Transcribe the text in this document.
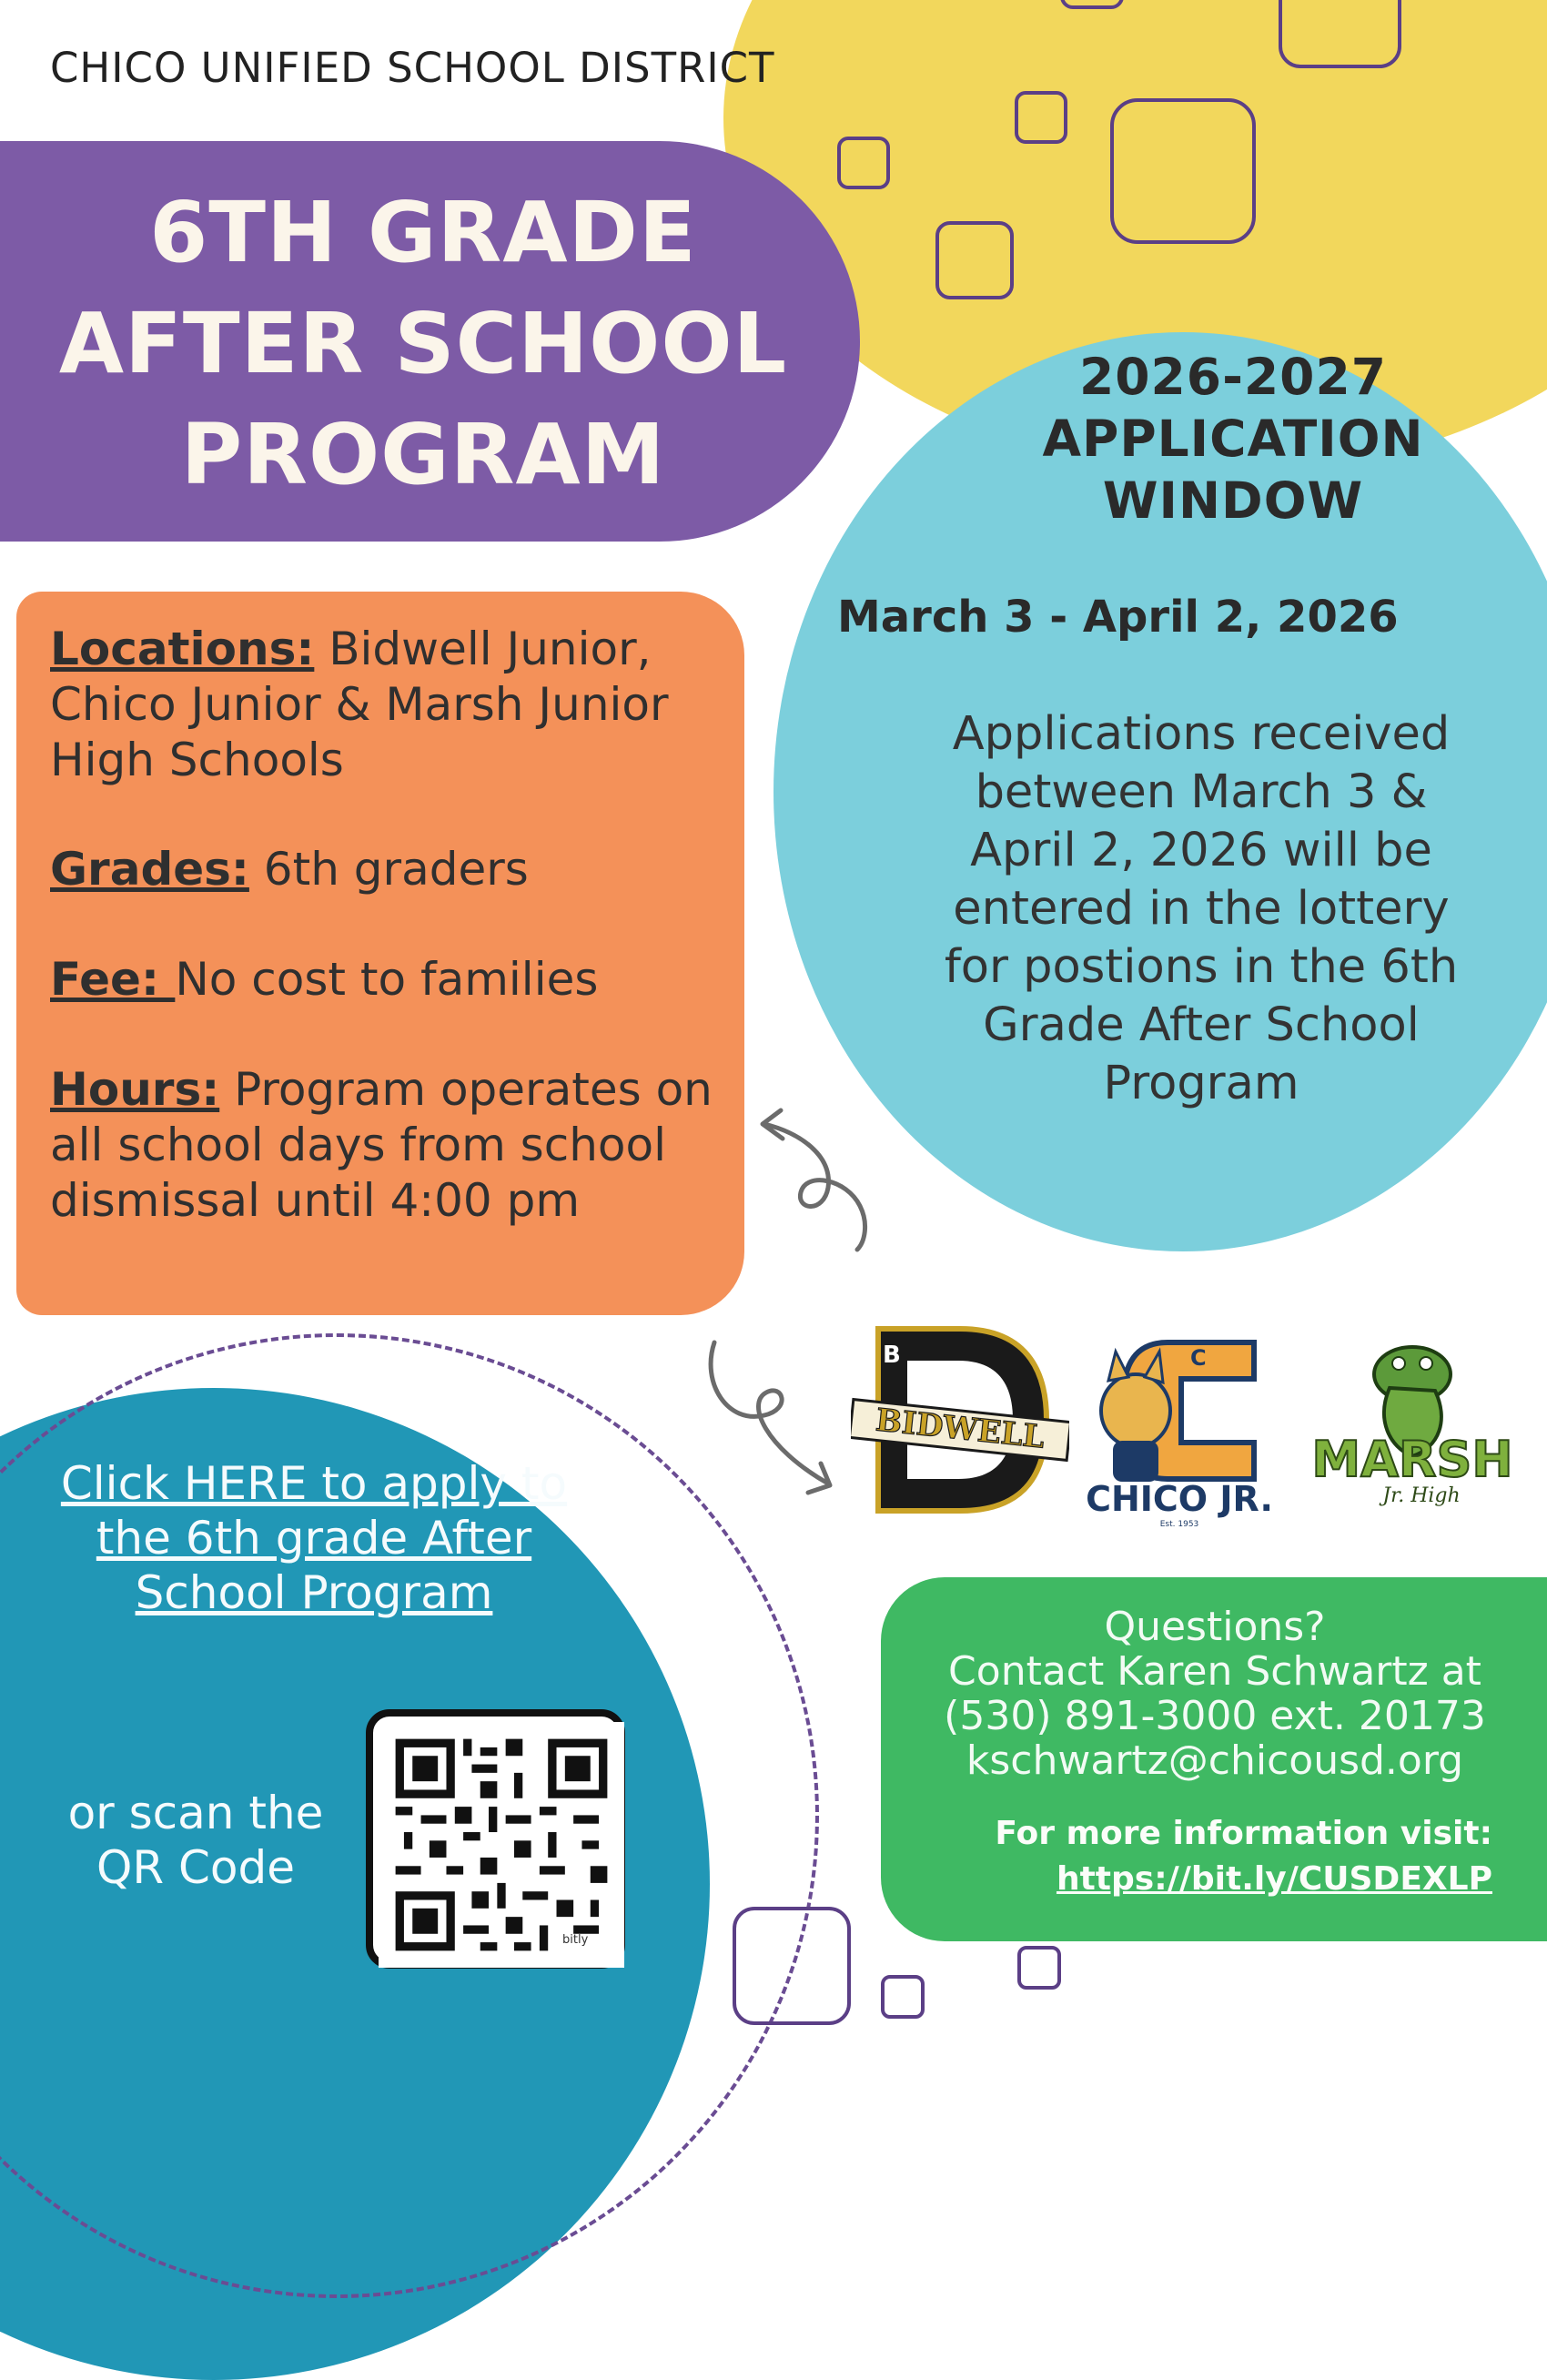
CHICO UNIFIED SCHOOL DISTRICT
6TH GRADE
AFTER SCHOOL
PROGRAM
2026-2027
APPLICATION
WINDOW
March 3 - April 2, 2026
Applications received between March 3 & April 2, 2026 will be entered in the lottery for postions in the 6th Grade After School Program
Locations: Bidwell Junior, Chico Junior & Marsh Junior High Schools
Grades: 6th graders
Fee: No cost to families
Hours: Program operates on all school days from school dismissal until 4:00 pm
B
BIDWELL
C
CHICO JR.
Est. 1953
MARSH
Jr. High
Click HERE to apply to the 6th grade After School Program
or scan the QR Code
bitly
Questions?
Contact Karen Schwartz at
(530) 891-3000 ext. 20173
kschwartz@chicousd.org
For more information visit:
https://bit.ly/CUSDEXLP
